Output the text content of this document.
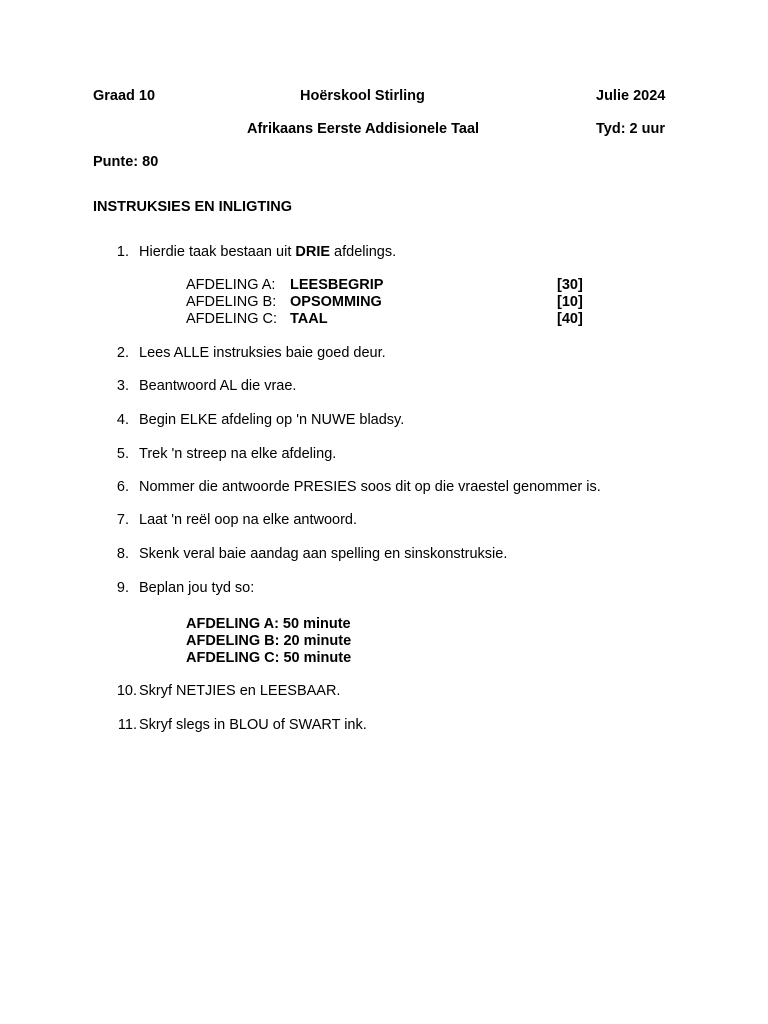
Graad 10	Hoërskool Stirling	Julie 2024
Afrikaans Eerste Addisionele Taal	Tyd: 2 uur
Punte: 80
INSTRUKSIES EN INLIGTING
1. Hierdie taak bestaan uit DRIE afdelings.
AFDELING A: LEESBEGRIP	[30]
AFDELING B: OPSOMMING	[10]
AFDELING C: TAAL	[40]
2. Lees ALLE instruksies baie goed deur.
3. Beantwoord AL die vrae.
4. Begin ELKE afdeling op 'n NUWE bladsy.
5. Trek 'n streep na elke afdeling.
6. Nommer die antwoorde PRESIES soos dit op die vraestel genommer is.
7. Laat 'n reël oop na elke antwoord.
8. Skenk veral baie aandag aan spelling en sinskonstruksie.
9. Beplan jou tyd so:
AFDELING A: 50 minute
AFDELING B: 20 minute
AFDELING C: 50 minute
10. Skryf NETJIES en LEESBAAR.
11. Skryf slegs in BLOU of SWART ink.
